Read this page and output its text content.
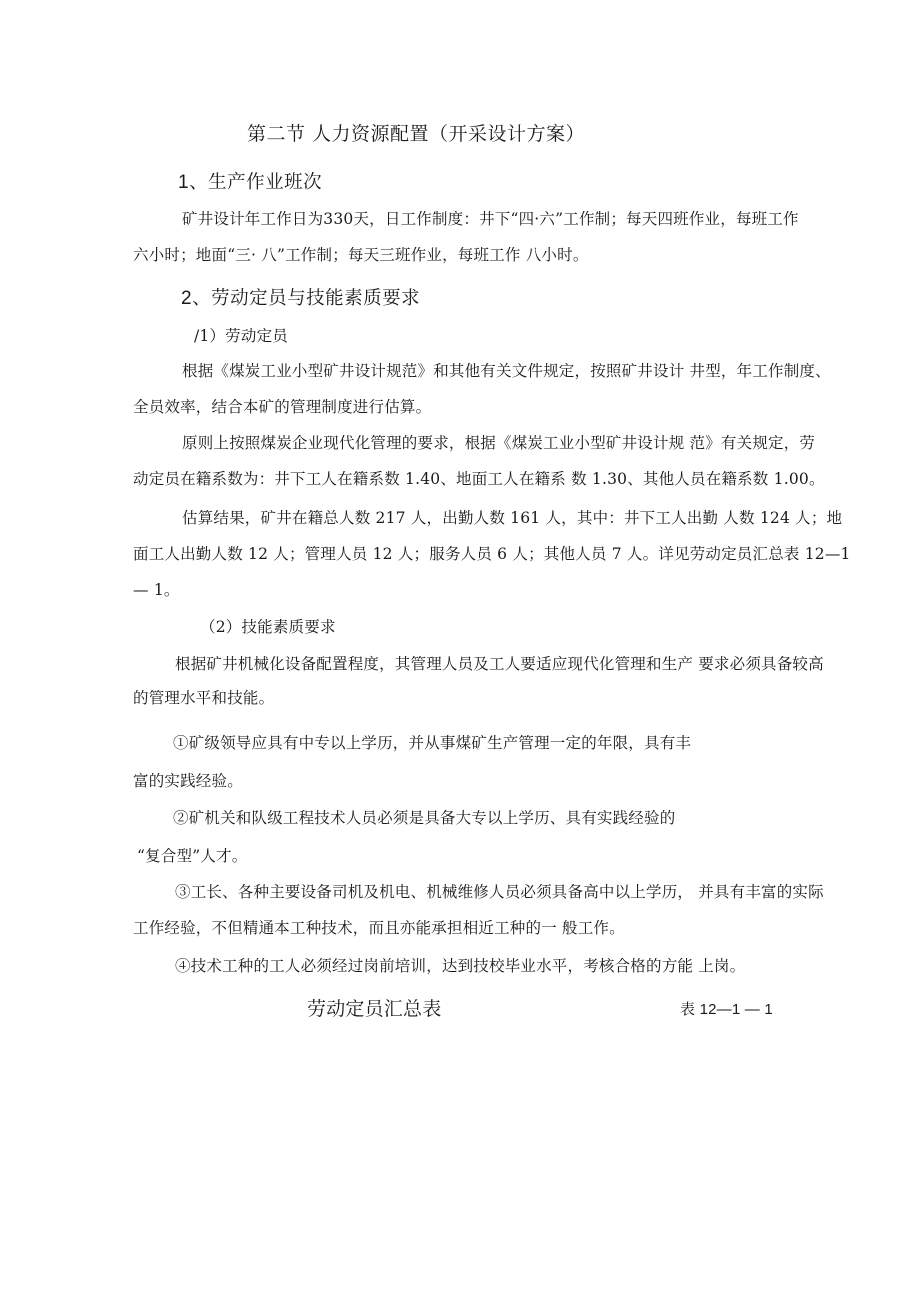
第二节 人力资源配置（开采设计方案）
1、生产作业班次
矿井设计年工作日为330天，日工作制度：井下“四·六”工作制；每天四班作业，每班工作
六小时；地面“三· 八”工作制；每天三班作业，每班工作 八小时。
2、劳动定员与技能素质要求
/1）劳动定员
根据《煤炭工业小型矿井设计规范》和其他有关文件规定，按照矿井设计 井型，年工作制度、
全员效率，结合本矿的管理制度进行估算。
原则上按照煤炭企业现代化管理的要求，根据《煤炭工业小型矿井设计规 范》有关规定，劳
动定员在籍系数为：井下工人在籍系数 1.40、地面工人在籍系 数 1.30、其他人员在籍系数 1.00。
估算结果，矿井在籍总人数 217 人，出勤人数 161 人，其中：井下工人出勤 人数 124 人；地
面工人出勤人数 12 人；管理人员 12 人；服务人员 6 人；其他人员 7 人。详见劳动定员汇总表 12—1
— 1。
（2）技能素质要求
根据矿井机械化设备配置程度，其管理人员及工人要适应现代化管理和生产 要求必须具备较高
的管理水平和技能。
①矿级领导应具有中专以上学历，并从事煤矿生产管理一定的年限，具有丰
富的实践经验。
②矿机关和队级工程技术人员必须是具备大专以上学历、具有实践经验的
“复合型”人才。
③工长、各种主要设备司机及机电、机械维修人员必须具备高中以上学历， 并具有丰富的实际
工作经验，不但精通本工种技术，而且亦能承担相近工种的一 般工作。
④技术工种的工人必须经过岗前培训，达到技校毕业水平，考核合格的方能 上岗。
劳动定员汇总表	表 12—1 — 1
